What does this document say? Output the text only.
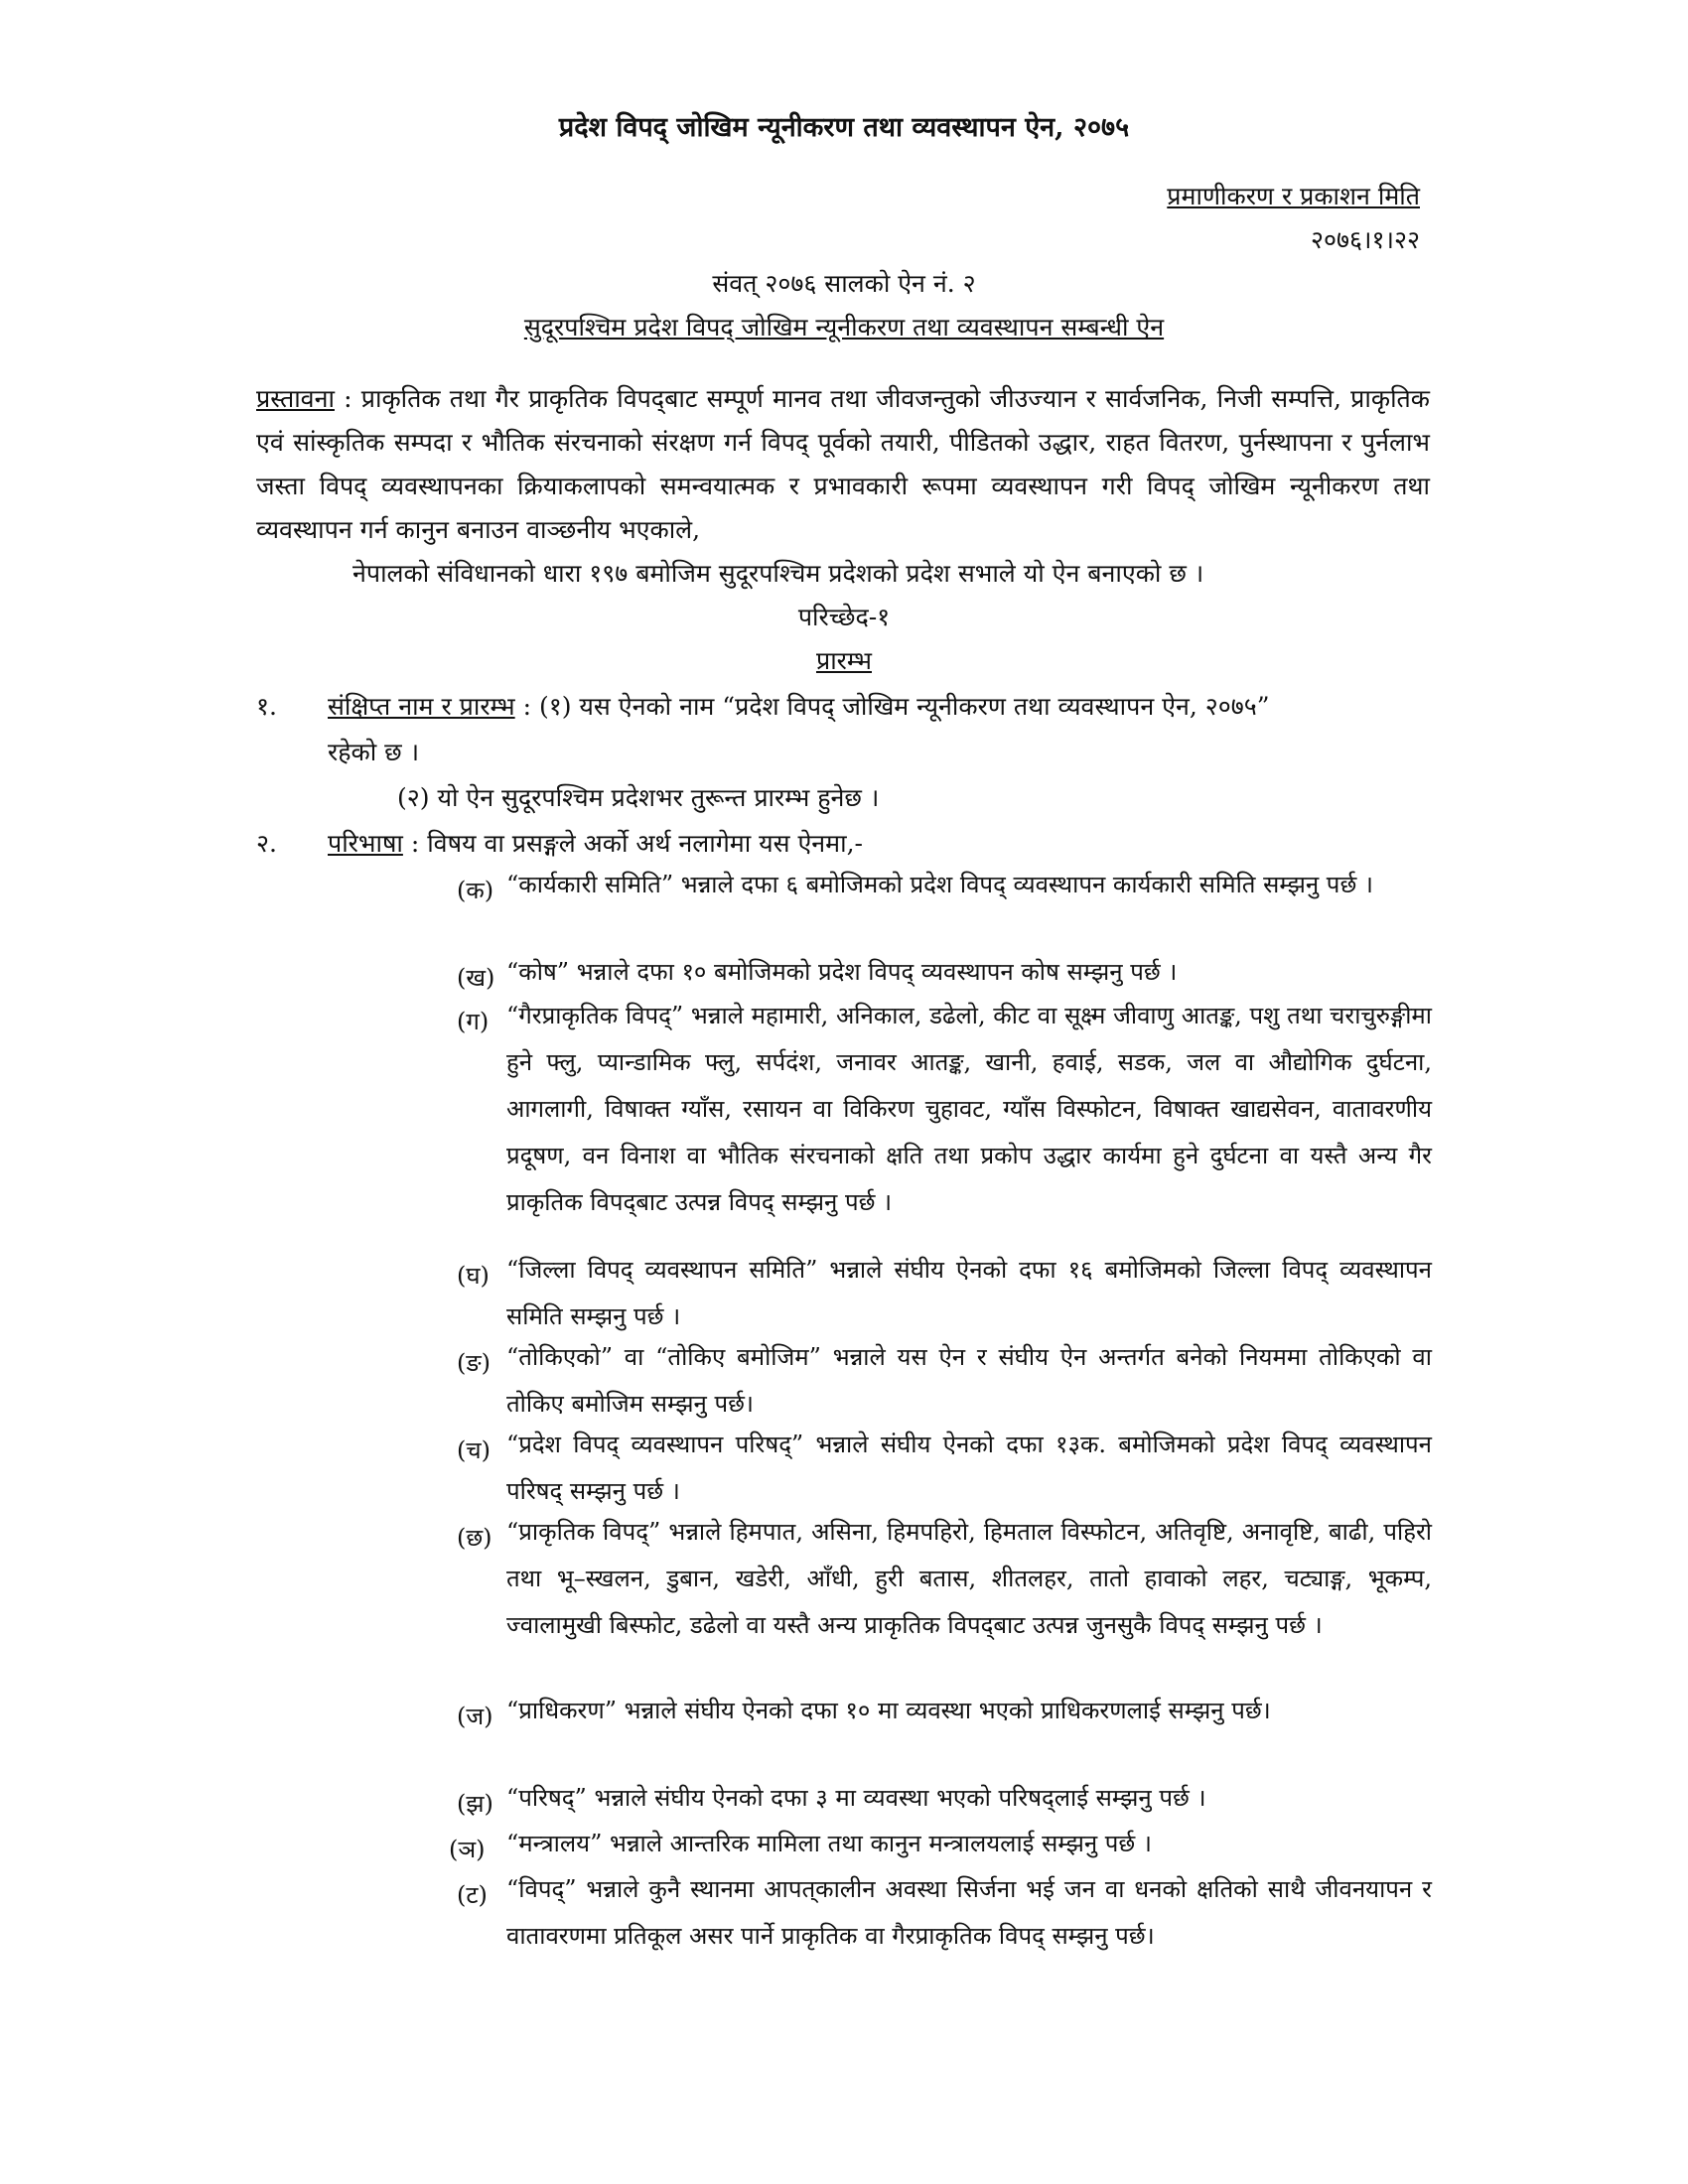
प्रदेश विपद् जोखिम न्यूनीकरण तथा व्यवस्थापन ऐन, २०७५
प्रमाणीकरण र प्रकाशन मिति
२०७६।१।२२
संवत् २०७६ सालको ऐन नं. २
सुदूरपश्चिम प्रदेश विपद् जोखिम न्यूनीकरण तथा व्यवस्थापन सम्बन्धी ऐन
प्रस्तावना : प्राकृतिक तथा गैर प्राकृतिक विपद्‌बाट सम्पूर्ण मानव तथा जीवजन्तुको जीउज्यान र सार्वजनिक, निजी सम्पत्ति, प्राकृतिक एवं सांस्कृतिक सम्पदा र भौतिक संरचनाको संरक्षण गर्न विपद् पूर्वको तयारी, पीडितको उद्धार, राहत वितरण, पुर्नस्थापना र पुर्नलाभ जस्ता विपद् व्यवस्थापनका क्रियाकलापको समन्वयात्मक र प्रभावकारी रूपमा व्यवस्थापन गरी विपद् जोखिम न्यूनीकरण तथा व्यवस्थापन गर्न कानुन बनाउन वाञ्छनीय भएकाले,
नेपालको संविधानको धारा १९७ बमोजिम सुदूरपश्चिम प्रदेशको प्रदेश सभाले यो ऐन बनाएको छ ।
परिच्छेद-१
प्रारम्भ
१. संक्षिप्त नाम र प्रारम्भ : (१) यस ऐनको नाम “प्रदेश विपद् जोखिम न्यूनीकरण तथा व्यवस्थापन ऐन, २०७५”
रहेको छ ।
(२) यो ऐन सुदूरपश्चिम प्रदेशभर तुरून्त प्रारम्भ हुनेछ ।
२. परिभाषा : विषय वा प्रसङ्गले अर्को अर्थ नलागेमा यस ऐनमा,-
(क) “कार्यकारी समिति” भन्नाले दफा ६ बमोजिमको प्रदेश विपद् व्यवस्थापन कार्यकारी समिति सम्झनु पर्छ ।
(ख) “कोष” भन्नाले दफा १० बमोजिमको प्रदेश विपद् व्यवस्थापन कोष सम्झनु पर्छ ।
(ग) “गैरप्राकृतिक विपद्” भन्नाले महामारी, अनिकाल, डढेलो, कीट वा सूक्ष्म जीवाणु आतङ्क, पशु तथा चराचुरुङ्गीमा हुने फ्लु, प्यान्डामिक फ्लु, सर्पदंश, जनावर आतङ्क, खानी, हवाई, सडक, जल वा औद्योगिक दुर्घटना, आगलागी, विषाक्त ग्याँस, रसायन वा विकिरण चुहावट, ग्याँस विस्फोटन, विषाक्त खाद्यसेवन, वातावरणीय प्रदूषण, वन विनाश वा भौतिक संरचनाको क्षति तथा प्रकोप उद्धार कार्यमा हुने दुर्घटना वा यस्तै अन्य गैर प्राकृतिक विपद्‌बाट उत्पन्न विपद् सम्झनु पर्छ ।
(घ) “जिल्ला विपद् व्यवस्थापन समिति” भन्नाले संघीय ऐनको दफा १६ बमोजिमको जिल्ला विपद् व्यवस्थापन समिति सम्झनु पर्छ ।
(ङ) “तोकिएको” वा “तोकिए बमोजिम” भन्नाले यस ऐन र संघीय ऐन अन्तर्गत बनेको नियममा तोकिएको वा तोकिए बमोजिम सम्झनु पर्छ।
(च) “प्रदेश विपद् व्यवस्थापन परिषद्” भन्नाले संघीय ऐनको दफा १३क. बमोजिमको प्रदेश विपद् व्यवस्थापन परिषद् सम्झनु पर्छ ।
(छ) “प्राकृतिक विपद्” भन्नाले हिमपात, असिना, हिमपहिरो, हिमताल विस्फोटन, अतिवृष्टि, अनावृष्टि, बाढी, पहिरो तथा भू–स्खलन, डुबान, खडेरी, आँधी, हुरी बतास, शीतलहर, तातो हावाको लहर, चट्याङ्ग, भूकम्प, ज्वालामुखी बिस्फोट, डढेलो वा यस्तै अन्य प्राकृतिक विपद्‌बाट उत्पन्न जुनसुकै विपद् सम्झनु पर्छ ।
(ज) “प्राधिकरण” भन्नाले संघीय ऐनको दफा १० मा व्यवस्था भएको प्राधिकरणलाई सम्झनु पर्छ।
(झ) “परिषद्” भन्नाले संघीय ऐनको दफा ३ मा व्यवस्था भएको परिषद्‌लाई सम्झनु पर्छ ।
(ञ) “मन्त्रालय” भन्नाले आन्तरिक मामिला तथा कानुन मन्त्रालयलाई सम्झनु पर्छ ।
(ट) “विपद्” भन्नाले कुनै स्थानमा आपत्‌कालीन अवस्था सिर्जना भई जन वा धनको क्षतिको साथै जीवनयापन र वातावरणमा प्रतिकूल असर पार्ने प्राकृतिक वा गैरप्राकृतिक विपद् सम्झनु पर्छ।
